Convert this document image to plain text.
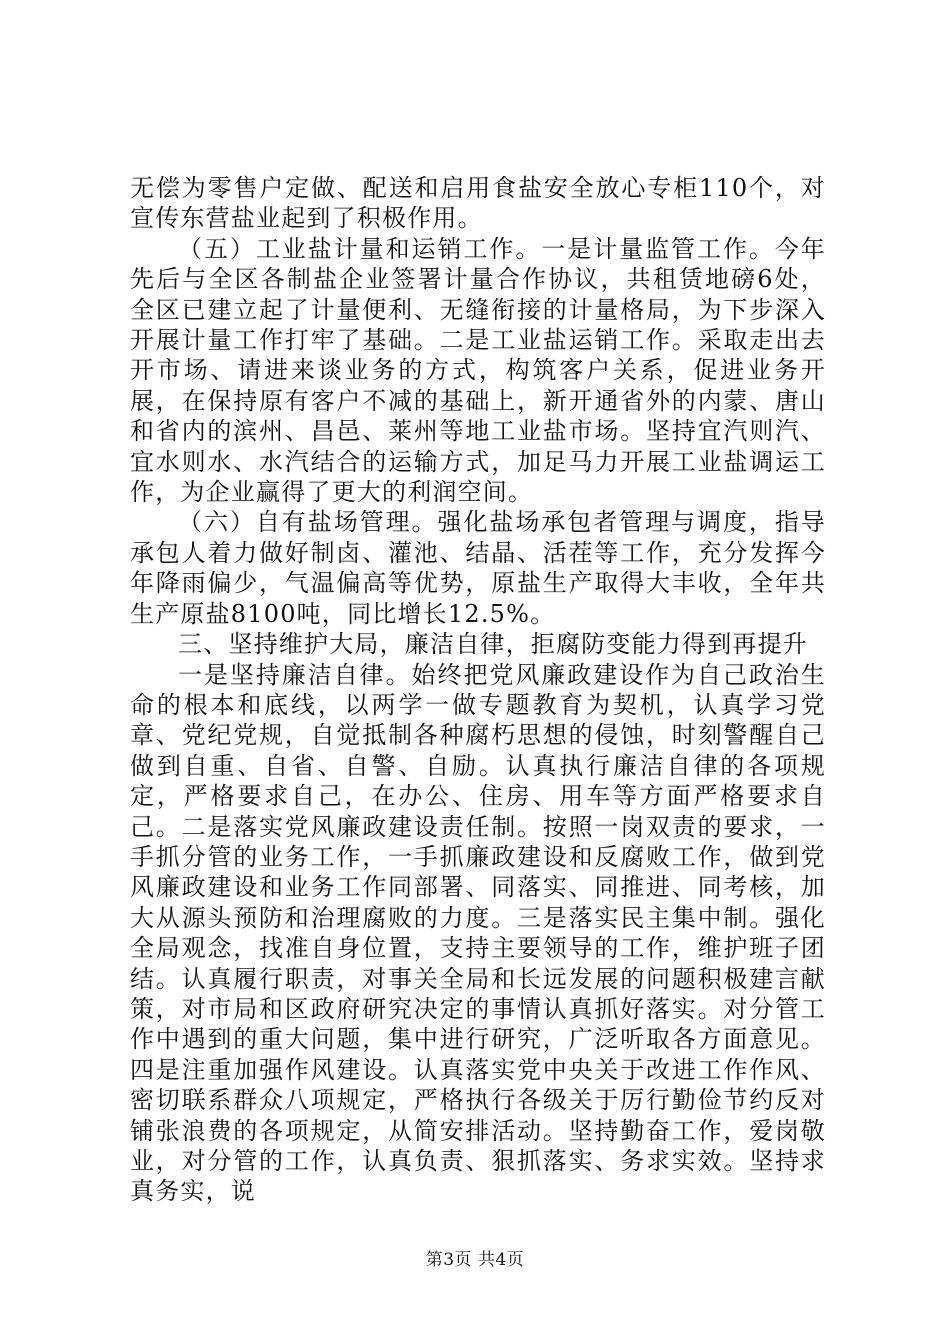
无偿为零售户定做、配送和启用食盐安全放心专柜110个，对宣传东营盐业起到了积极作用。

（五）工业盐计量和运销工作。一是计量监管工作。今年先后与全区各制盐企业签署计量合作协议，共租赁地磅6处，全区已建立起了计量便利、无缝衔接的计量格局，为下步深入开展计量工作打牢了基础。二是工业盐运销工作。采取走出去开市场、请进来谈业务的方式，构筑客户关系，促进业务开展，在保持原有客户不减的基础上，新开通省外的内蒙、唐山和省内的滨州、昌邑、莱州等地工业盐市场。坚持宜汽则汽、宜水则水、水汽结合的运输方式，加足马力开展工业盐调运工作，为企业赢得了更大的利润空间。

（六）自有盐场管理。强化盐场承包者管理与调度，指导承包人着力做好制卤、灌池、结晶、活茬等工作，充分发挥今年降雨偏少，气温偏高等优势，原盐生产取得大丰收，全年共生产原盐8100吨，同比增长12.5%。

三、坚持维护大局，廉洁自律，拒腐防变能力得到再提升

一是坚持廉洁自律。始终把党风廉政建设作为自己政治生命的根本和底线，以两学一做专题教育为契机，认真学习党章、党纪党规，自觉抵制各种腐朽思想的侵蚀，时刻警醒自己做到自重、自省、自警、自励。认真执行廉洁自律的各项规定，严格要求自己，在办公、住房、用车等方面严格要求自己。二是落实党风廉政建设责任制。按照一岗双责的要求，一手抓分管的业务工作，一手抓廉政建设和反腐败工作，做到党风廉政建设和业务工作同部署、同落实、同推进、同考核，加大从源头预防和治理腐败的力度。三是落实民主集中制。强化全局观念，找准自身位置，支持主要领导的工作，维护班子团结。认真履行职责，对事关全局和长远发展的问题积极建言献策，对市局和区政府研究决定的事情认真抓好落实。对分管工作中遇到的重大问题，集中进行研究，广泛听取各方面意见。四是注重加强作风建设。认真落实党中央关于改进工作作风、密切联系群众八项规定，严格执行各级关于厉行勤俭节约反对铺张浪费的各项规定，从简安排活动。坚持勤奋工作，爱岗敬业，对分管的工作，认真负责、狠抓落实、务求实效。坚持求真务实，说

第3页 共4页
